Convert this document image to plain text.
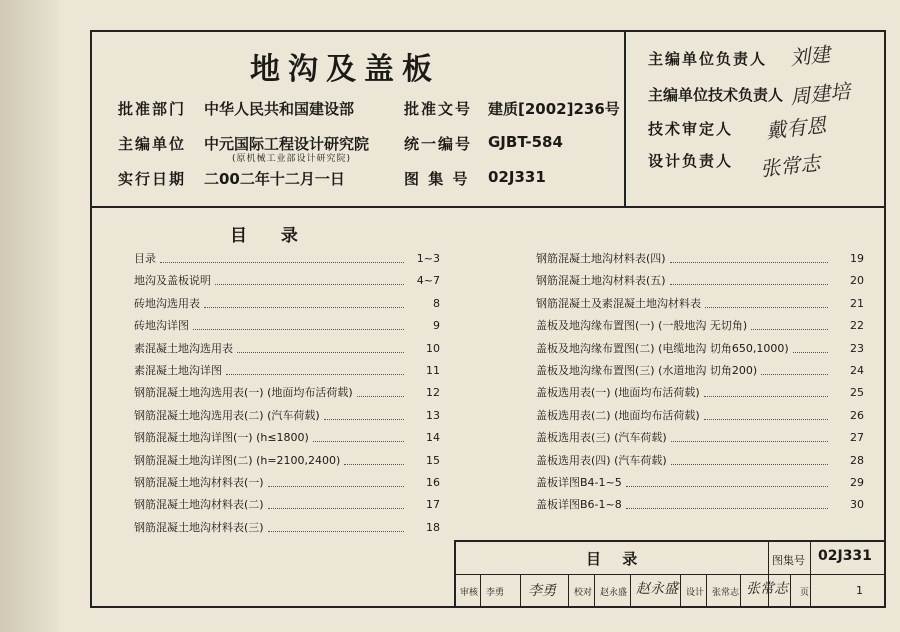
地沟及盖板
批准部门 中华人民共和国建设部	批准文号 建质[2002]236号
主编单位 中元国际工程设计研究院
(原机械工业部设计研究院)
统一编号 GJBT-584
实行日期 二00二年十二月一日	图 集 号 02J331
主编单位负责人 刘建
主编单位技术负责人 周建培
技术审定人 戴有恩
设计负责人 张常志
目 录
目录	1~3
地沟及盖板说明	4~7
砖地沟选用表	8
砖地沟详图	9
素混凝土地沟选用表	10
素混凝土地沟详图	11
钢筋混凝土地沟选用表(一) (地面均布活荷载)	12
钢筋混凝土地沟选用表(二) (汽车荷载)	13
钢筋混凝土地沟详图(一) (h≤1800)	14
钢筋混凝土地沟详图(二) (h=2100,2400)	15
钢筋混凝土地沟材料表(一)	16
钢筋混凝土地沟材料表(二)	17
钢筋混凝土地沟材料表(三)	18
钢筋混凝土地沟材料表(四)	19
钢筋混凝土地沟材料表(五)	20
钢筋混凝土及素混凝土地沟材料表	21
盖板及地沟缘布置图(一) (一般地沟 无切角)	22
盖板及地沟缘布置图(二) (电缆地沟 切角650,1000)	23
盖板及地沟缘布置图(三) (水道地沟 切角200)	24
盖板选用表(一) (地面均布活荷载)	25
盖板选用表(二) (地面均布活荷载)	26
盖板选用表(三) (汽车荷载)	27
盖板选用表(四) (汽车荷载)	28
盖板详图B4-1~5	29
盖板详图B6-1~8	30
目 录	图集号 02J331
审核 李勇 李勇 校对 赵永盛 赵永盛 设计 张常志 张常志 页	1
